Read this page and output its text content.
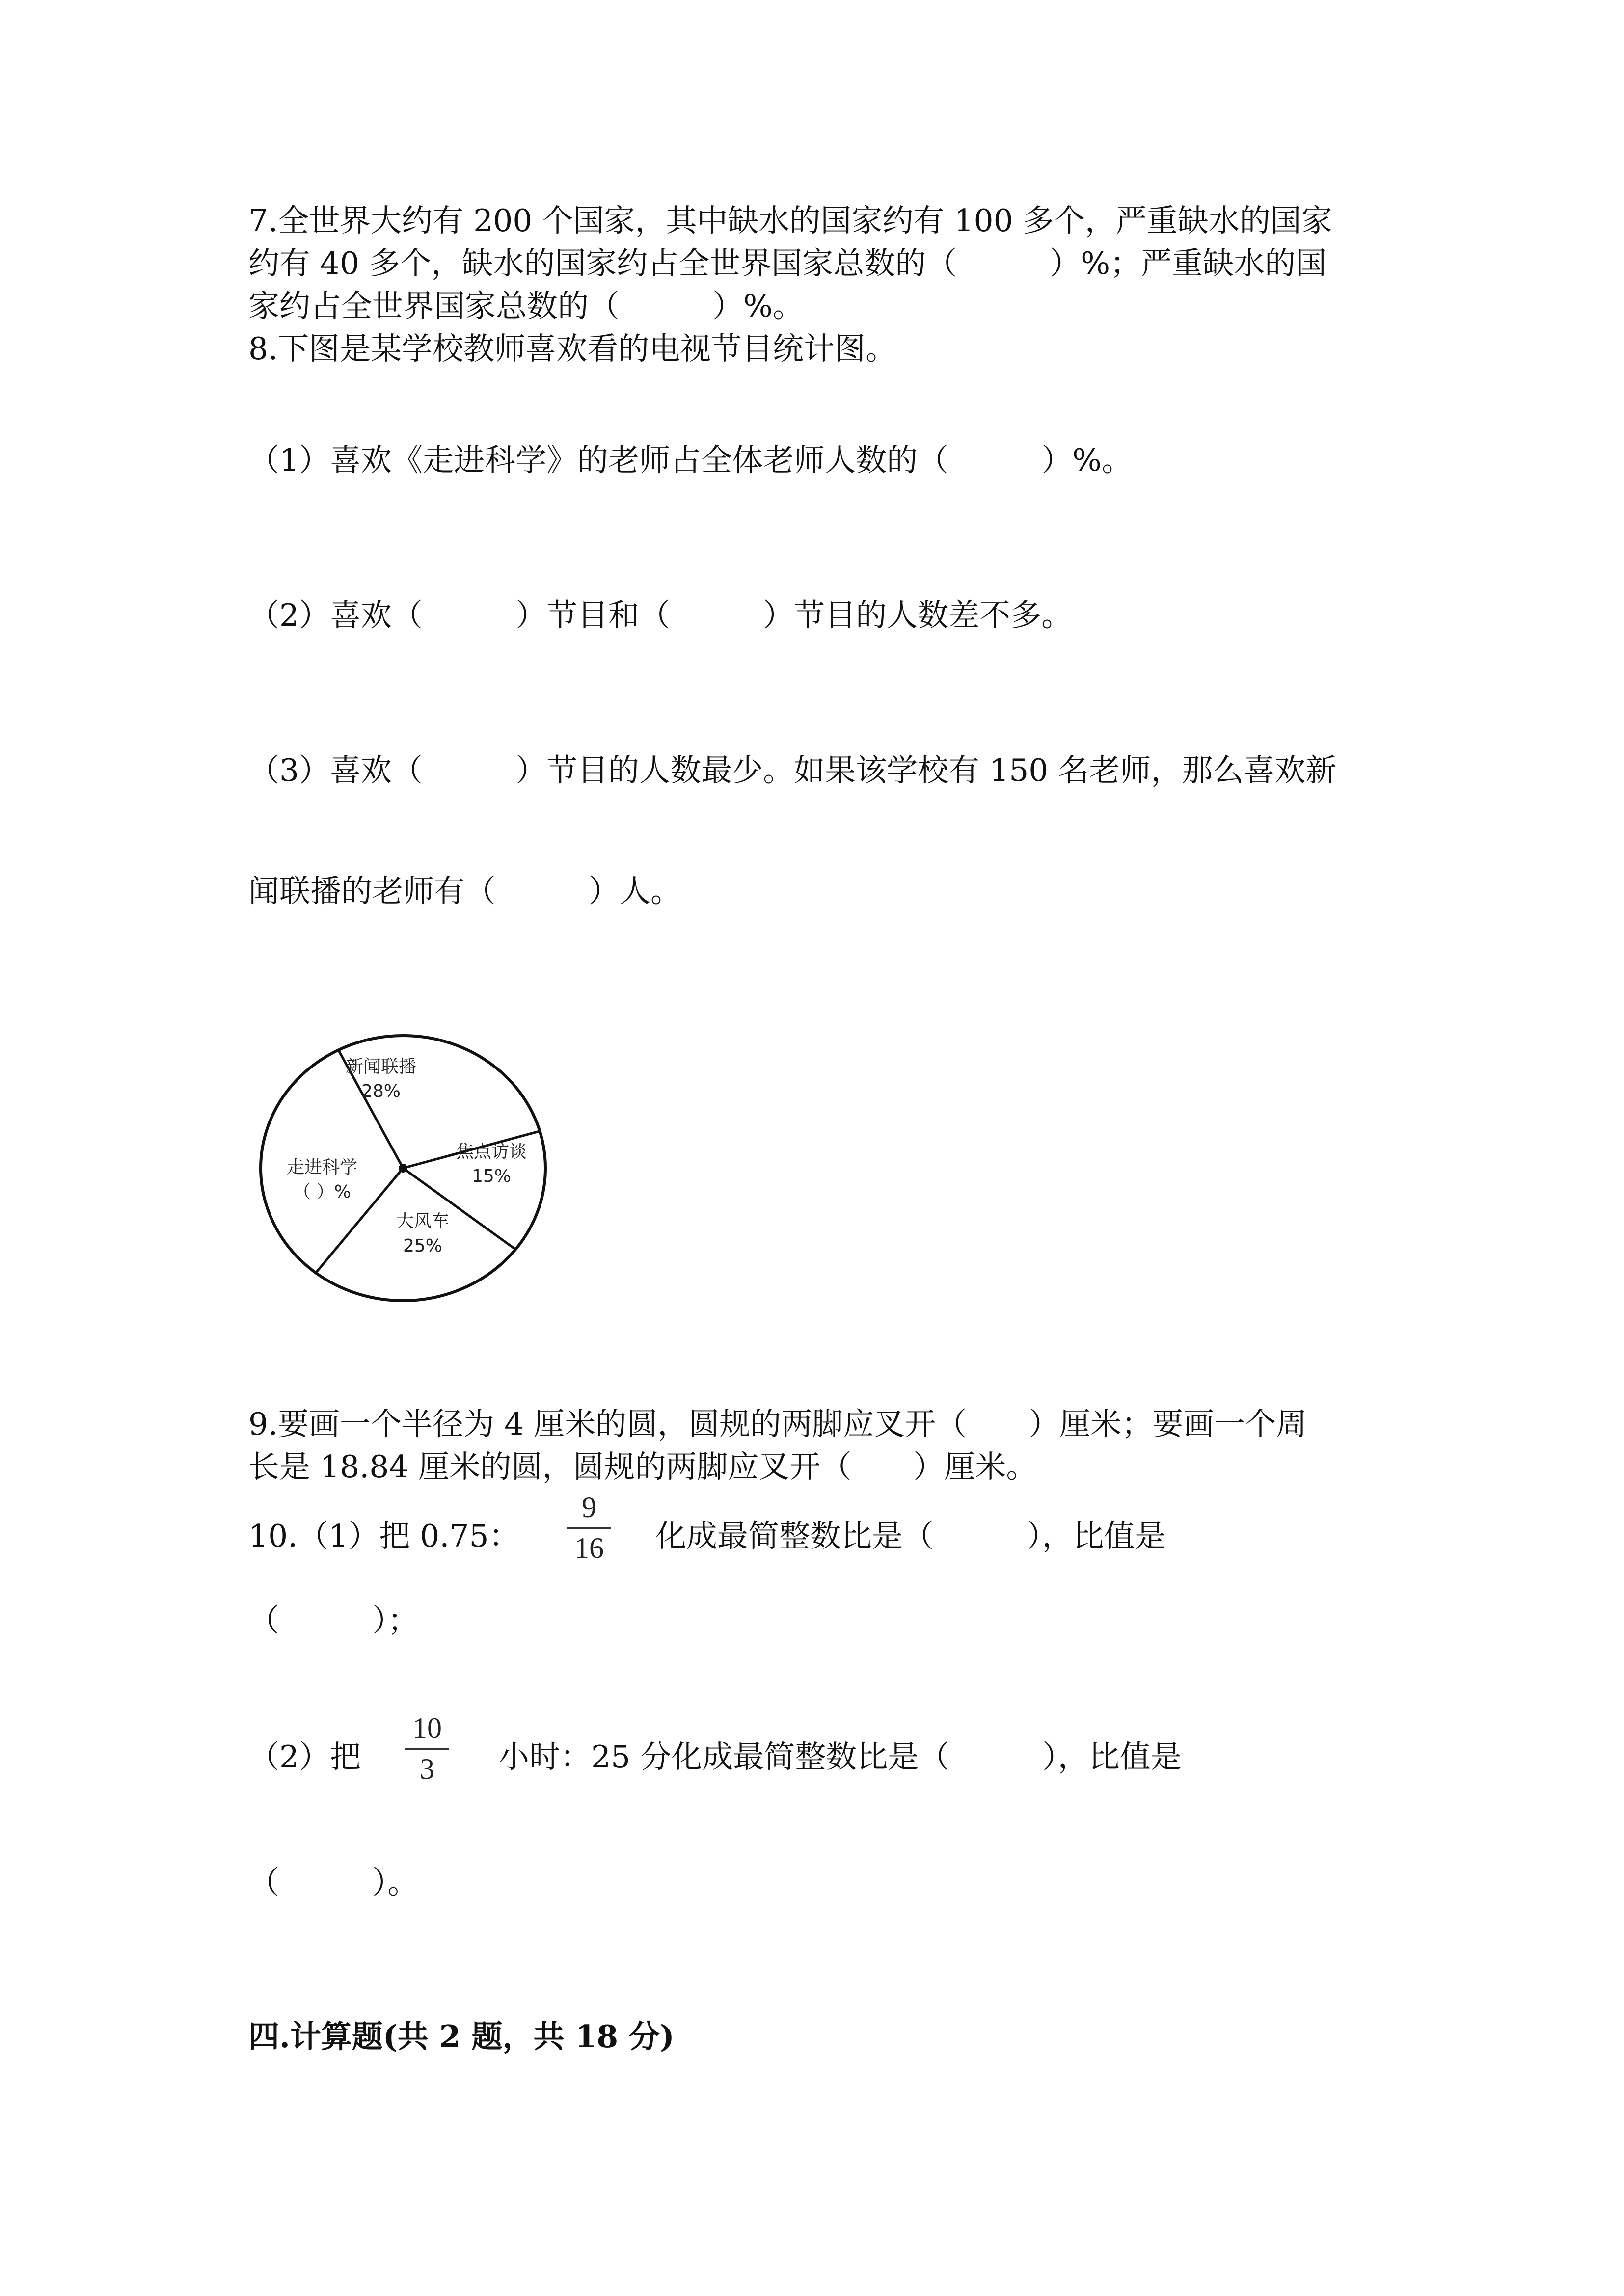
7.全世界大约有 200 个国家，其中缺水的国家约有 100 多个，严重缺水的国家
约有 40 多个，缺水的国家约占全世界国家总数的（　　　）%；严重缺水的国
家约占全世界国家总数的（　　　）%。
8.下图是某学校教师喜欢看的电视节目统计图。
（1）喜欢《走进科学》的老师占全体老师人数的（　　　）%。
（2）喜欢（　　　）节目和（　　　）节目的人数差不多。
（3）喜欢（　　　）节目的人数最少。如果该学校有 150 名老师，那么喜欢新
闻联播的老师有（　　　）人。
新闻联播
28%
焦点访谈
15%
大风车
25%
走进科学
（ ）%
9.要画一个半径为 4 厘米的圆，圆规的两脚应叉开（　　）厘米；要画一个周
长是 18.84 厘米的圆，圆规的两脚应叉开（　　）厘米。
10.（1）把 0.75：
9
16 化成最简整数比是（　　　），比值是
（　　　）；
（2）把
10
3	小时：25 分化成最简整数比是（　　　），比值是
（　　　）。
四.计算题(共 2 题，共 18 分)
